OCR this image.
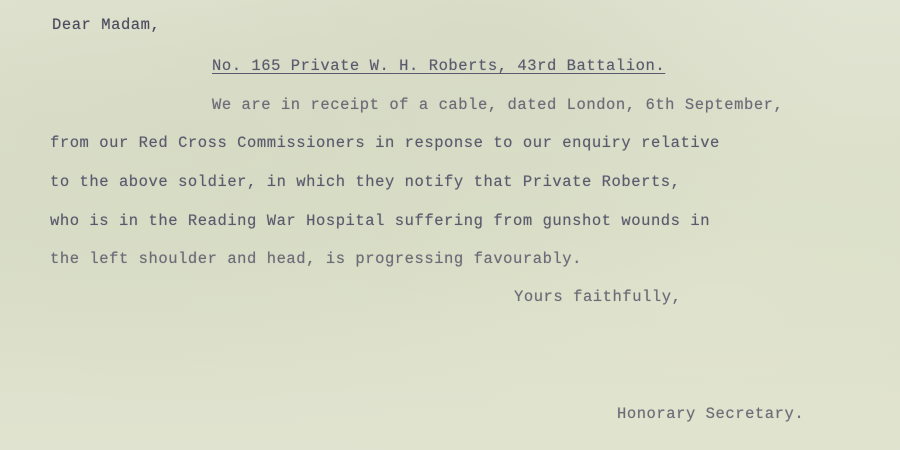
Dear Madam,
No. 165 Private W. H. Roberts, 43rd Battalion.
We are in receipt of a cable, dated London, 6th September,
from our Red Cross Commissioners in response to our enquiry relative
to the above soldier, in which they notify that Private Roberts,
who is in the Reading War Hospital suffering from gunshot wounds in
the left shoulder and head, is progressing favourably.
Yours faithfully,
Honorary Secretary.
